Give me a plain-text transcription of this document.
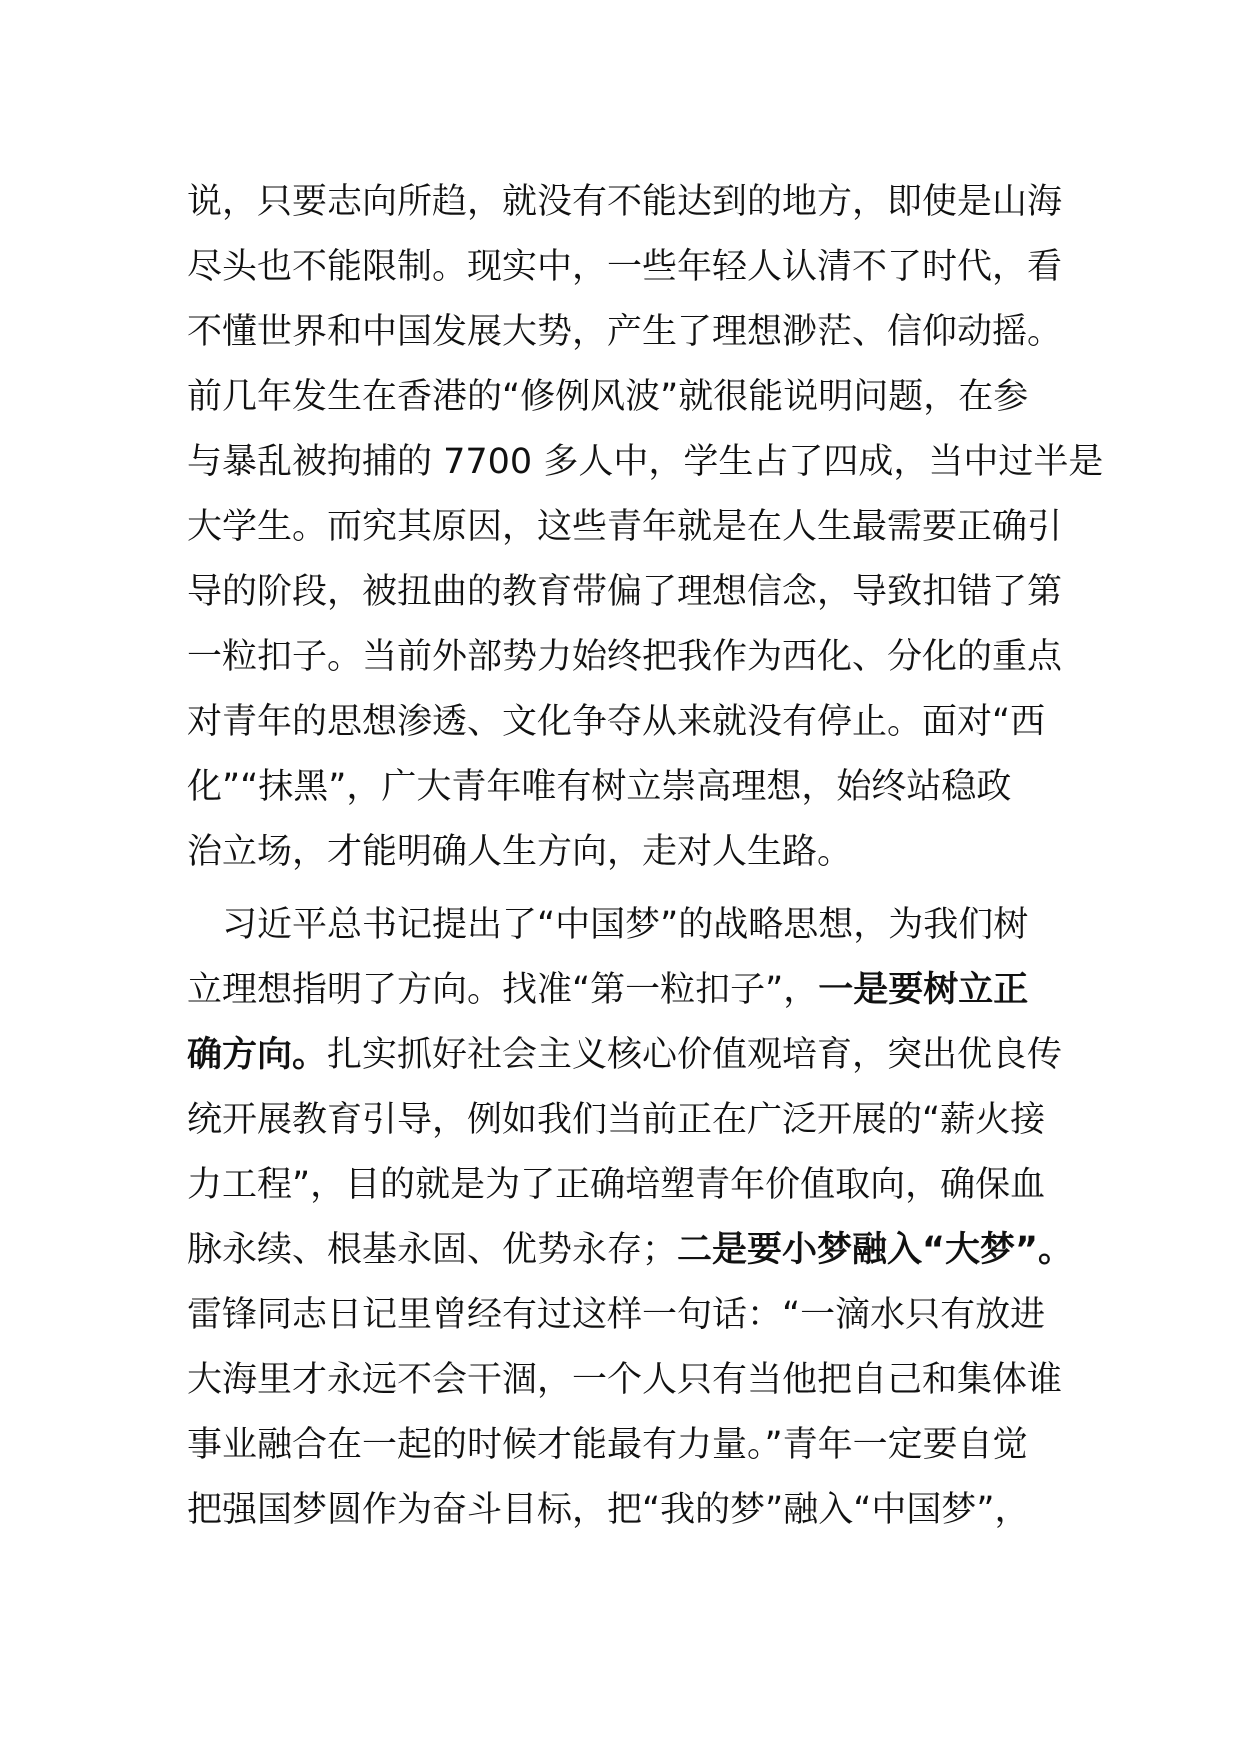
说，只要志向所趋，就没有不能达到的地方，即使是山海
尽头也不能限制。现实中，一些年轻人认清不了时代，看
不懂世界和中国发展大势，产生了理想渺茫、信仰动摇。
前几年发生在香港的“修例风波”就很能说明问题，在参
与暴乱被拘捕的 7700 多人中，学生占了四成，当中过半是
大学生。而究其原因，这些青年就是在人生最需要正确引
导的阶段，被扭曲的教育带偏了理想信念，导致扣错了第
一粒扣子。当前外部势力始终把我作为西化、分化的重点
对青年的思想渗透、文化争夺从来就没有停止。面对“西
化”“抹黑”，广大青年唯有树立崇高理想，始终站稳政
治立场，才能明确人生方向，走对人生路。
　习近平总书记提出了“中国梦”的战略思想，为我们树
立理想指明了方向。找准“第一粒扣子”，一是要树立正
确方向。扎实抓好社会主义核心价值观培育，突出优良传
统开展教育引导，例如我们当前正在广泛开展的“薪火接
力工程”，目的就是为了正确培塑青年价值取向，确保血
脉永续、根基永固、优势永存；二是要小梦融入“大梦”。
雷锋同志日记里曾经有过这样一句话：“一滴水只有放进
大海里才永远不会干涸，一个人只有当他把自己和集体谁
事业融合在一起的时候才能最有力量。”青年一定要自觉
把强国梦圆作为奋斗目标，把“我的梦”融入“中国梦”，
